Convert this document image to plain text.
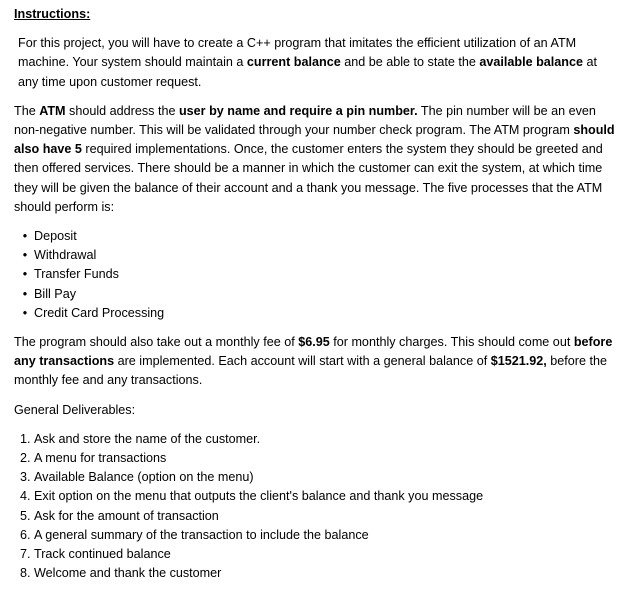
Instructions:

For this project, you will have to create a C++ program that imitates the efficient utilization of an ATM machine. Your system should maintain a current balance and be able to state the available balance at any time upon customer request.

The ATM should address the user by name and require a pin number. The pin number will be an even non-negative number. This will be validated through your number check program. The ATM program should also have 5 required implementations. Once, the customer enters the system they should be greeted and then offered services. There should be a manner in which the customer can exit the system, at which time they will be given the balance of their account and a thank you message. The five processes that the ATM should perform is:

• Deposit
• Withdrawal
• Transfer Funds
• Bill Pay
• Credit Card Processing

The program should also take out a monthly fee of $6.95 for monthly charges. This should come out before any transactions are implemented. Each account will start with a general balance of $1521.92, before the monthly fee and any transactions.

General Deliverables:

1. Ask and store the name of the customer.
2. A menu for transactions
3. Available Balance (option on the menu)
4. Exit option on the menu that outputs the client's balance and thank you message
5. Ask for the amount of transaction
6. A general summary of the transaction to include the balance
7. Track continued balance
8. Welcome and thank the customer
